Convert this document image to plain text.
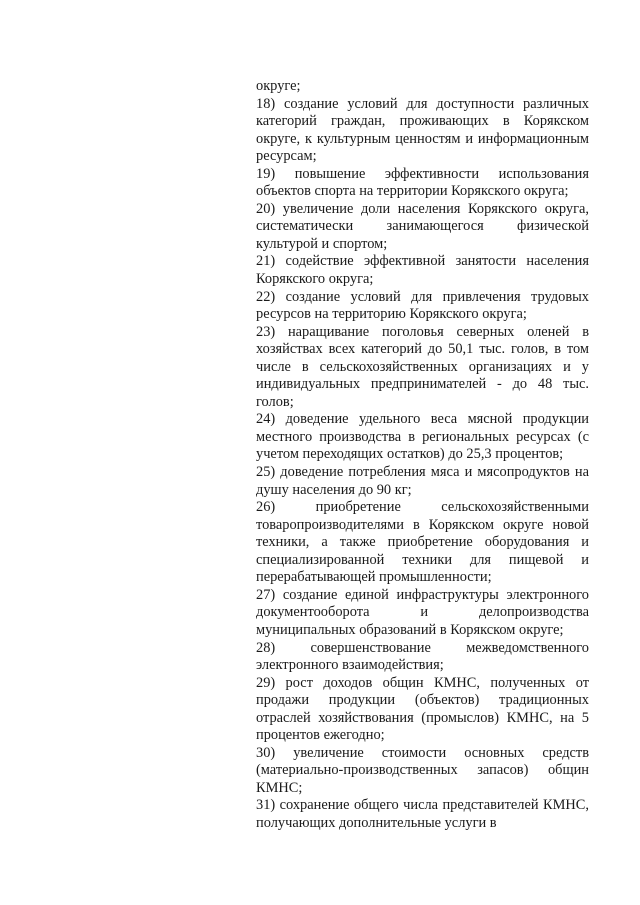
округе;

18) создание условий для доступности различных категорий граждан, проживающих в Корякском округе, к культурным ценностям и информационным ресурсам;

19) повышение эффективности использования объектов спорта на территории Корякского округа;

20) увеличение доли населения Корякского округа, систематически занимающегося физической культурой и спортом;

21) содействие эффективной занятости населения Корякского округа;

22) создание условий для привлечения трудовых ресурсов на территорию Корякского округа;

23) наращивание поголовья северных оленей в хозяйствах всех категорий до 50,1 тыс. голов, в том числе в сельскохозяйственных организациях и у индивидуальных предпринимателей - до 48 тыс. голов;

24) доведение удельного веса мясной продукции местного производства в региональных ресурсах (с учетом переходящих остатков) до 25,3 процентов;

25) доведение потребления мяса и мясопродуктов на душу населения до 90 кг;

26) приобретение сельскохозяйственными товаропроизводителями в Корякском округе новой техники, а также приобретение оборудования и специализированной техники для пищевой и перерабатывающей промышленности;

27) создание единой инфраструктуры электронного документооборота и делопроизводства муниципальных образований в Корякском округе;

28) совершенствование межведомственного электронного взаимодействия;

29) рост доходов общин КМНС, полученных от продажи продукции (объектов) традиционных отраслей хозяйствования (промыслов) КМНС, на 5 процентов ежегодно;

30) увеличение стоимости основных средств (материально-производственных запасов) общин КМНС;

31) сохранение общего числа представителей КМНС, получающих дополнительные услуги в
